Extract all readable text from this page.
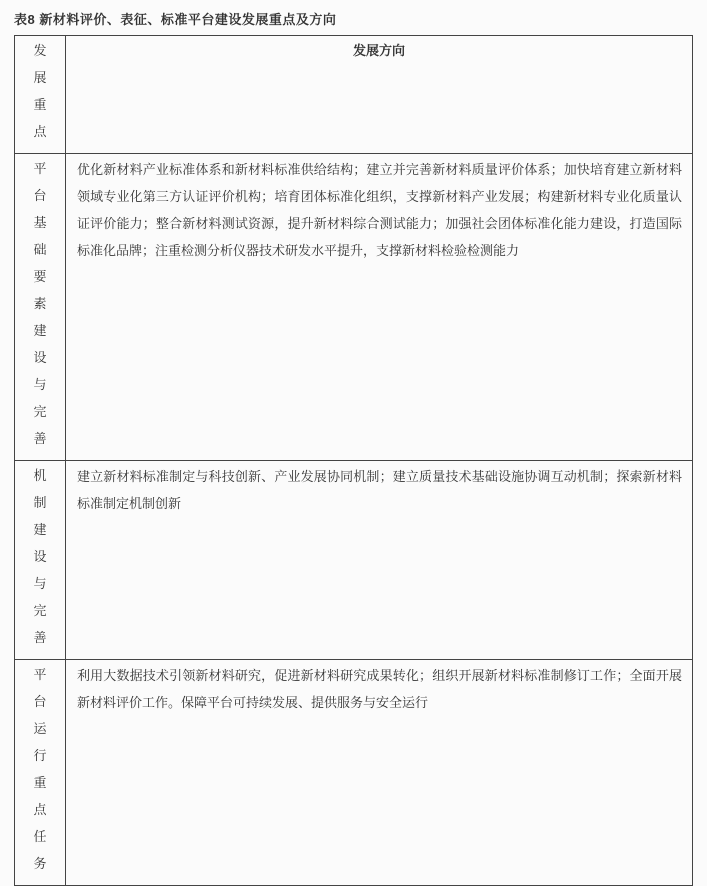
表8 新材料评价、表征、标准平台建设发展重点及方向
发展重点	发展方向

平台基础要素建设与完善	优化新材料产业标准体系和新材料标准供给结构；建立并完善新材料质量评价体系；加快培育建立新材料领域专业化第三方认证评价机构；培育团体标准化组织，支撑新材料产业发展；构建新材料专业化质量认证评价能力；整合新材料测试资源，提升新材料综合测试能力；加强社会团体标准化能力建设，打造国际标准化品牌；注重检测分析仪器技术研发水平提升，支撑新材料检验检测能力

机制建设与完善	建立新材料标准制定与科技创新、产业发展协同机制；建立质量技术基础设施协调互动机制；探索新材料标准制定机制创新

平台运行重点任务	利用大数据技术引领新材料研究，促进新材料研究成果转化；组织开展新材料标准制修订工作；全面开展新材料评价工作。保障平台可持续发展、提供服务与安全运行
